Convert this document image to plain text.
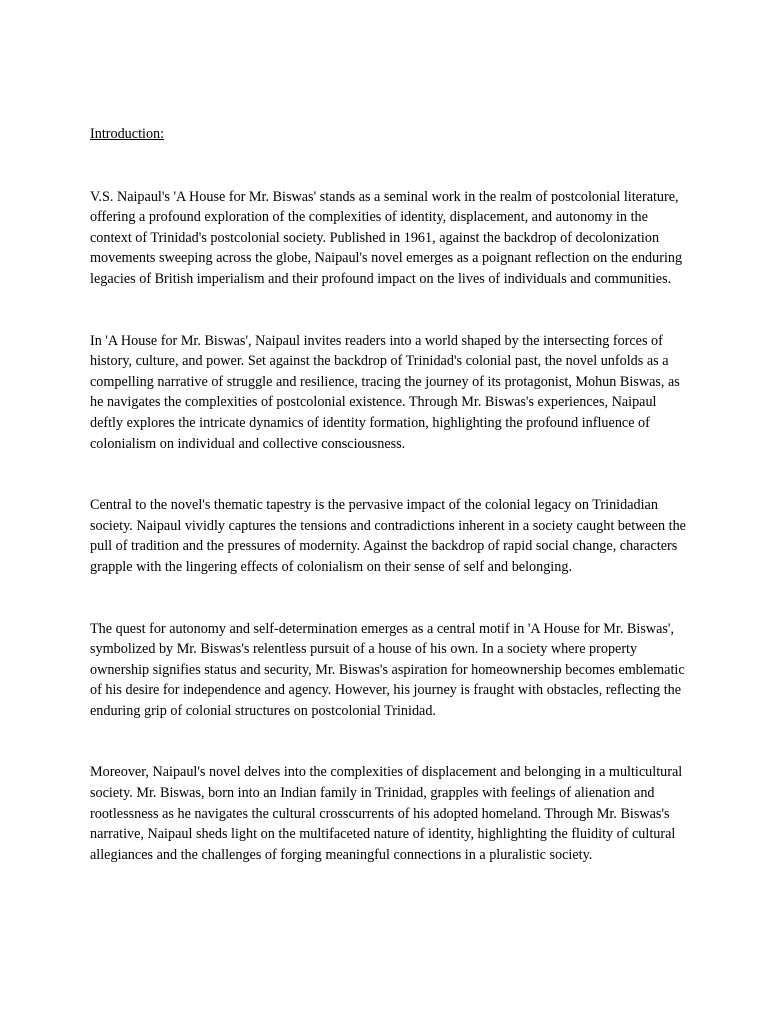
Introduction:

V.S. Naipaul's 'A House for Mr. Biswas' stands as a seminal work in the realm of postcolonial literature, offering a profound exploration of the complexities of identity, displacement, and autonomy in the context of Trinidad's postcolonial society. Published in 1961, against the backdrop of decolonization movements sweeping across the globe, Naipaul's novel emerges as a poignant reflection on the enduring legacies of British imperialism and their profound impact on the lives of individuals and communities.

In 'A House for Mr. Biswas', Naipaul invites readers into a world shaped by the intersecting forces of history, culture, and power. Set against the backdrop of Trinidad's colonial past, the novel unfolds as a compelling narrative of struggle and resilience, tracing the journey of its protagonist, Mohun Biswas, as he navigates the complexities of postcolonial existence. Through Mr. Biswas's experiences, Naipaul deftly explores the intricate dynamics of identity formation, highlighting the profound influence of colonialism on individual and collective consciousness.

Central to the novel's thematic tapestry is the pervasive impact of the colonial legacy on Trinidadian society. Naipaul vividly captures the tensions and contradictions inherent in a society caught between the pull of tradition and the pressures of modernity. Against the backdrop of rapid social change, characters grapple with the lingering effects of colonialism on their sense of self and belonging.

The quest for autonomy and self-determination emerges as a central motif in 'A House for Mr. Biswas', symbolized by Mr. Biswas's relentless pursuit of a house of his own. In a society where property ownership signifies status and security, Mr. Biswas's aspiration for homeownership becomes emblematic of his desire for independence and agency. However, his journey is fraught with obstacles, reflecting the enduring grip of colonial structures on postcolonial Trinidad.

Moreover, Naipaul's novel delves into the complexities of displacement and belonging in a multicultural society. Mr. Biswas, born into an Indian family in Trinidad, grapples with feelings of alienation and rootlessness as he navigates the cultural crosscurrents of his adopted homeland. Through Mr. Biswas's narrative, Naipaul sheds light on the multifaceted nature of identity, highlighting the fluidity of cultural allegiances and the challenges of forging meaningful connections in a pluralistic society.
